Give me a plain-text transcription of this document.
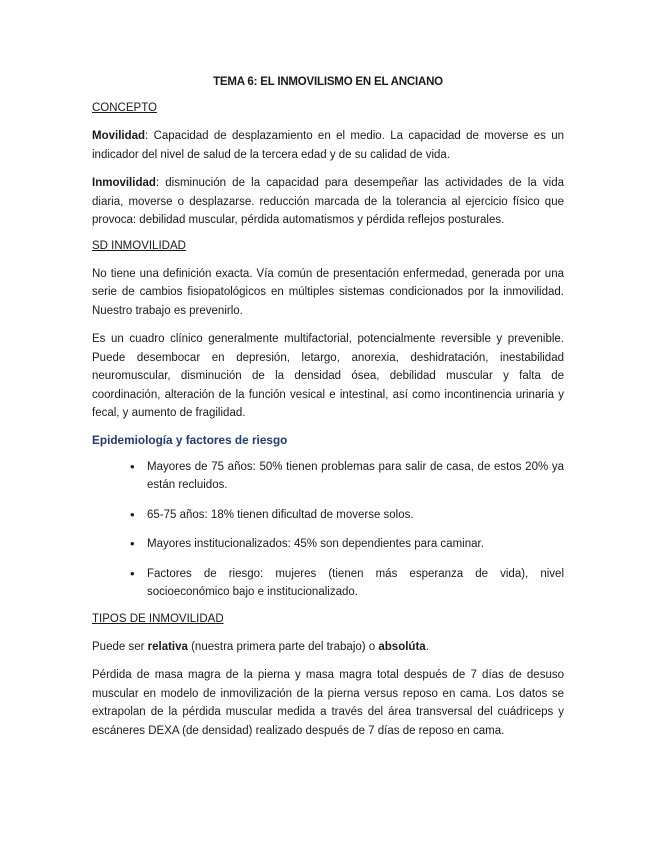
TEMA 6: EL INMOVILISMO EN EL ANCIANO
CONCEPTO

Movilidad: Capacidad de desplazamiento en el medio. La capacidad de moverse es un indicador del nivel de salud de la tercera edad y de su calidad de vida.

Inmovilidad: disminución de la capacidad para desempeñar las actividades de la vida diaria, moverse o desplazarse. reducción marcada de la tolerancia al ejercicio físico que provoca: debilidad muscular, pérdida automatismos y pérdida reflejos posturales.

SD INMOVILIDAD

No tiene una definición exacta. Vía común de presentación enfermedad, generada por una serie de cambios fisiopatológicos en múltiples sistemas condicionados por la inmovilidad. Nuestro trabajo es prevenirlo.

Es un cuadro clínico generalmente multifactorial, potencialmente reversible y prevenible. Puede desembocar en depresión, letargo, anorexia, deshidratación, inestabilidad neuromuscular, disminución de la densidad ósea, debilidad muscular y falta de coordinación, alteración de la función vesical e intestinal, así como incontinencia urinaria y fecal, y aumento de fragilidad.

Epidemiología y factores de riesgo
• Mayores de 75 años: 50% tienen problemas para salir de casa, de estos 20% ya están recluidos.
• 65-75 años: 18% tienen dificultad de moverse solos.
• Mayores institucionalizados: 45% son dependientes para caminar.
• Factores de riesgo: mujeres (tienen más esperanza de vida), nivel socioeconómico bajo e institucionalizado.
TIPOS DE INMOVILIDAD

Puede ser relativa (nuestra primera parte del trabajo) o absolúta.

Pérdida de masa magra de la pierna y masa magra total después de 7 días de desuso muscular en modelo de inmovilización de la pierna versus reposo en cama. Los datos se extrapolan de la pérdida muscular medida a través del área transversal del cuádriceps y escáneres DEXA (de densidad) realizado después de 7 días de reposo en cama.
